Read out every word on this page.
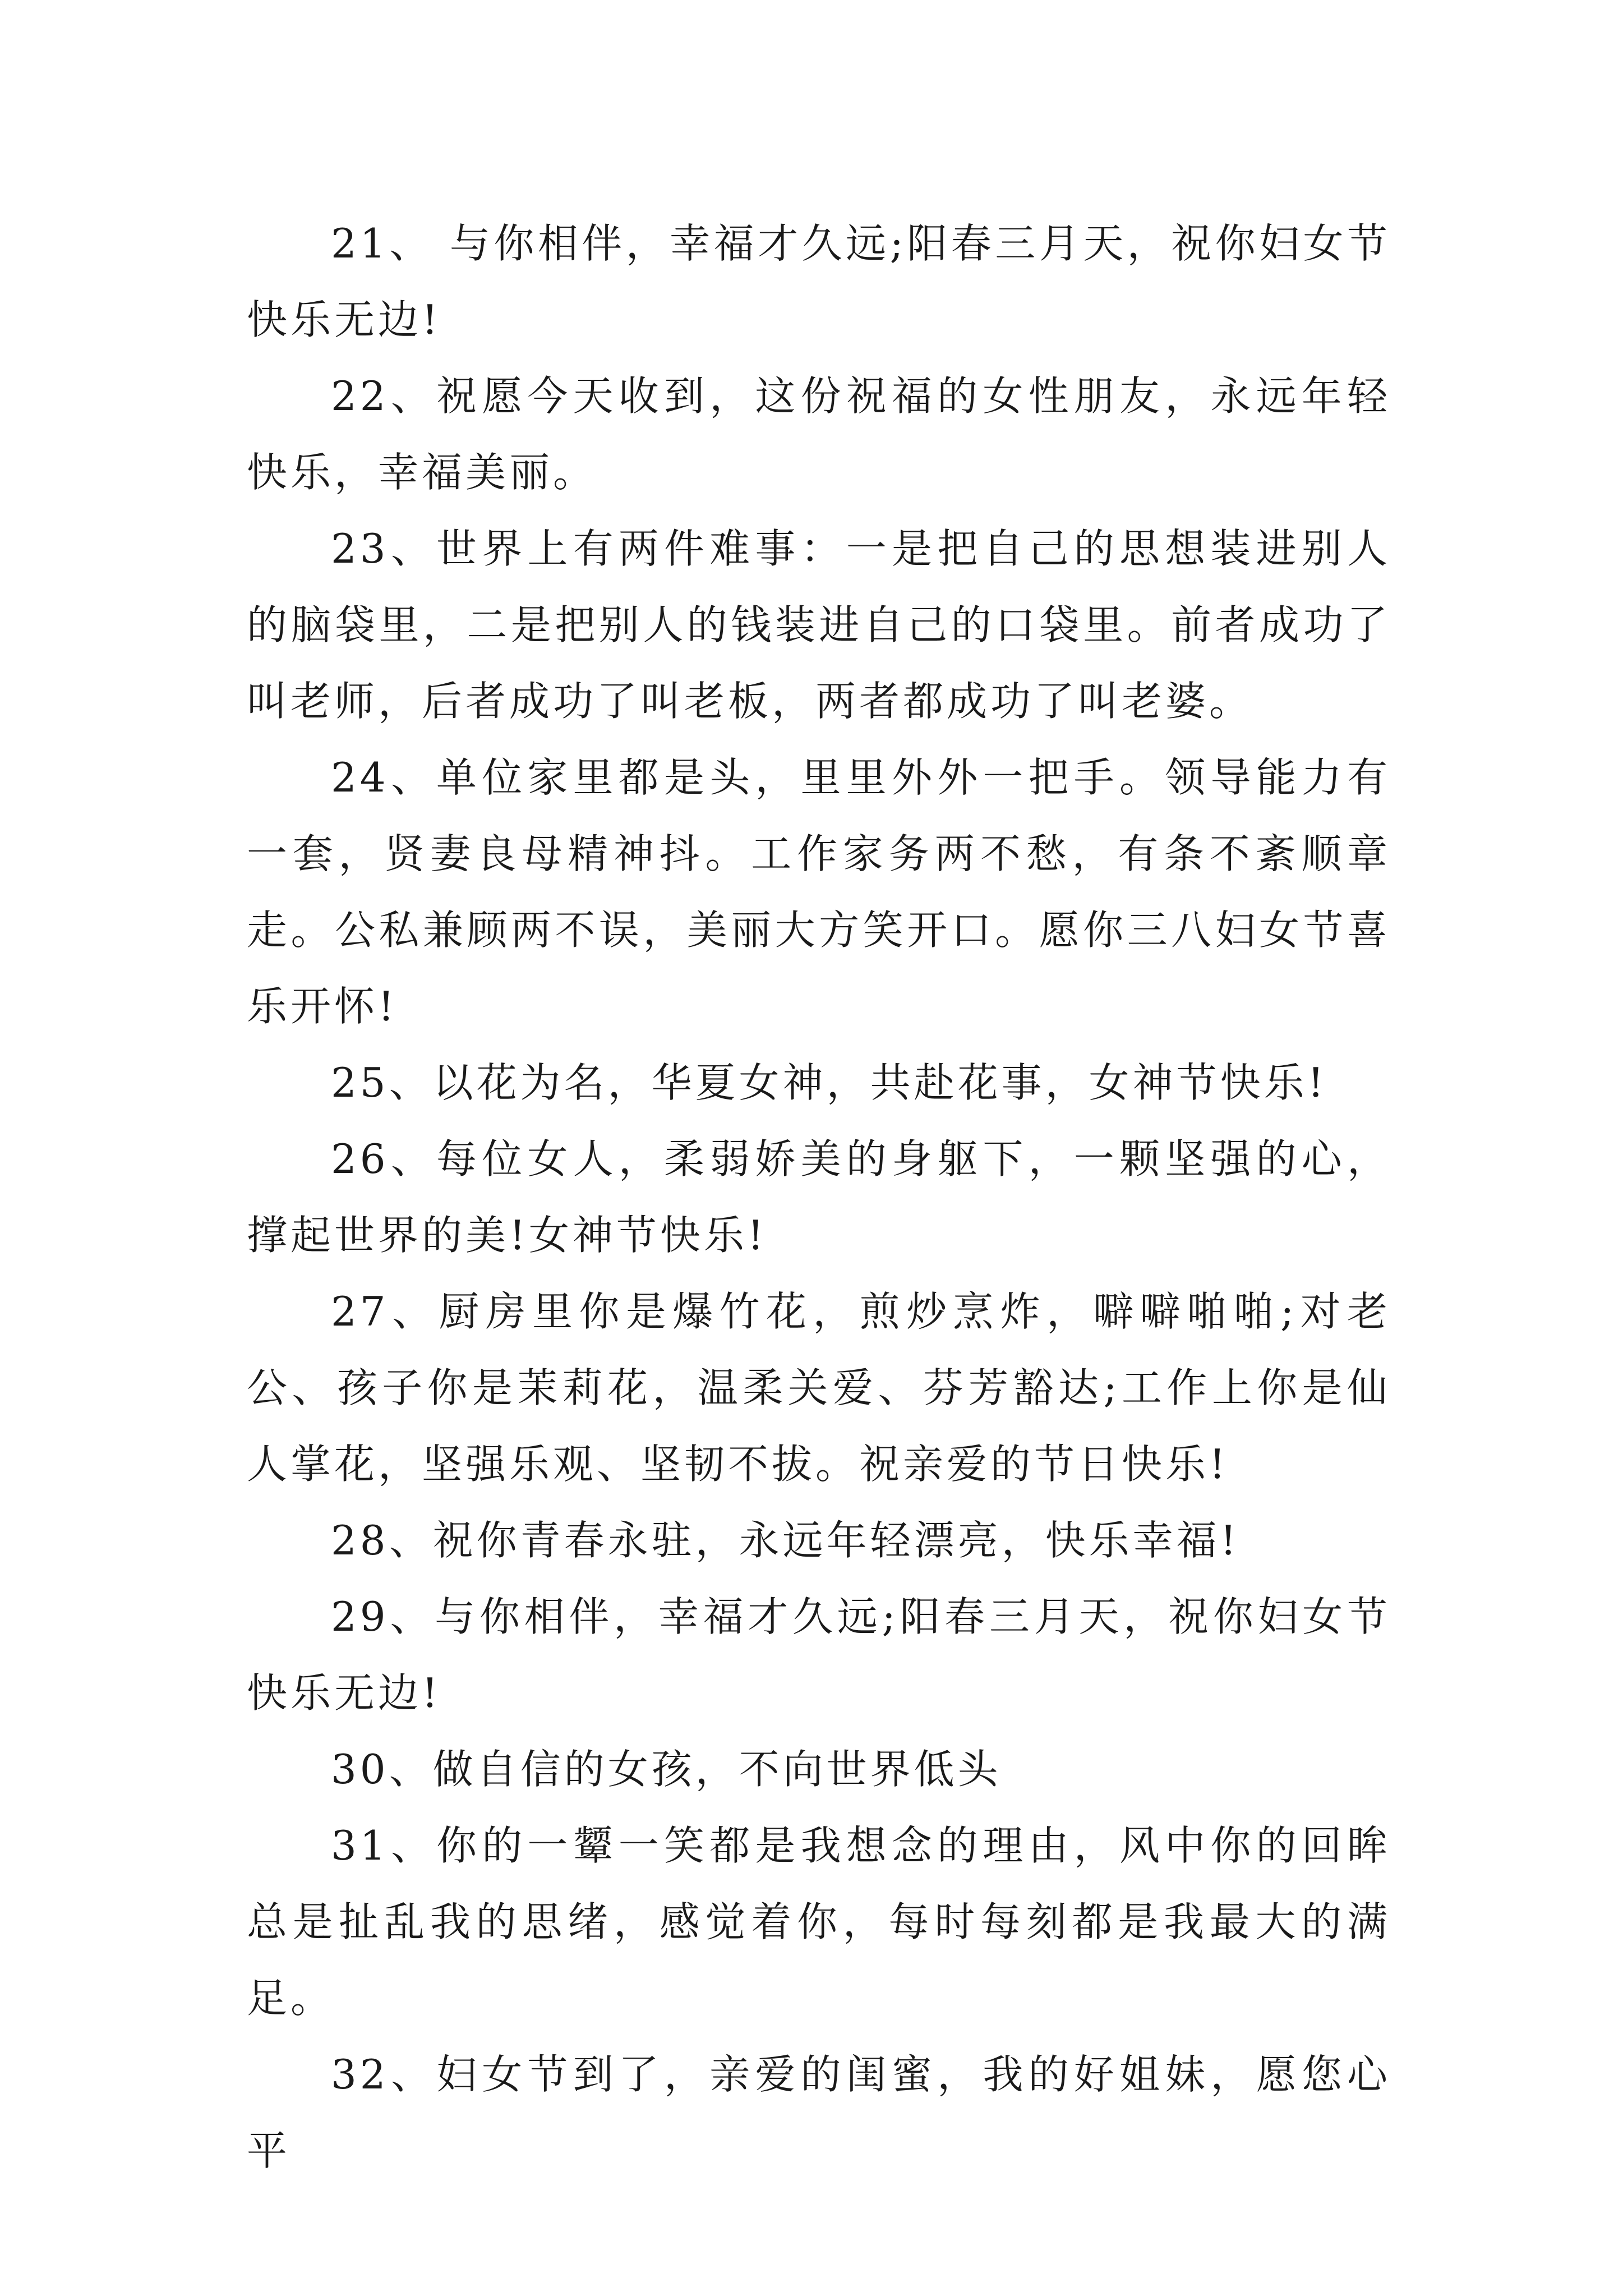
21、 与你相伴，幸福才久远;阳春三月天，祝你妇女节快乐无边!

22、祝愿今天收到，这份祝福的女性朋友，永远年轻快乐，幸福美丽。

23、世界上有两件难事：一是把自己的思想装进别人的脑袋里，二是把别人的钱装进自己的口袋里。前者成功了叫老师，后者成功了叫老板，两者都成功了叫老婆。

24、单位家里都是头，里里外外一把手。领导能力有一套，贤妻良母精神抖。工作家务两不愁，有条不紊顺章走。公私兼顾两不误，美丽大方笑开口。愿你三八妇女节喜乐开怀!

25、以花为名，华夏女神，共赴花事，女神节快乐!

26、每位女人，柔弱娇美的身躯下，一颗坚强的心，撑起世界的美!女神节快乐!

27、厨房里你是爆竹花，煎炒烹炸，噼噼啪啪;对老公、孩子你是茉莉花，温柔关爱、芬芳豁达;工作上你是仙人掌花，坚强乐观、坚韧不拔。祝亲爱的节日快乐!

28、祝你青春永驻，永远年轻漂亮，快乐幸福!

29、与你相伴，幸福才久远;阳春三月天，祝你妇女节快乐无边!

30、做自信的女孩，不向世界低头

31、你的一颦一笑都是我想念的理由，风中你的回眸总是扯乱我的思绪，感觉着你，每时每刻都是我最大的满足。

32、妇女节到了，亲爱的闺蜜，我的好姐妹，愿您心平
